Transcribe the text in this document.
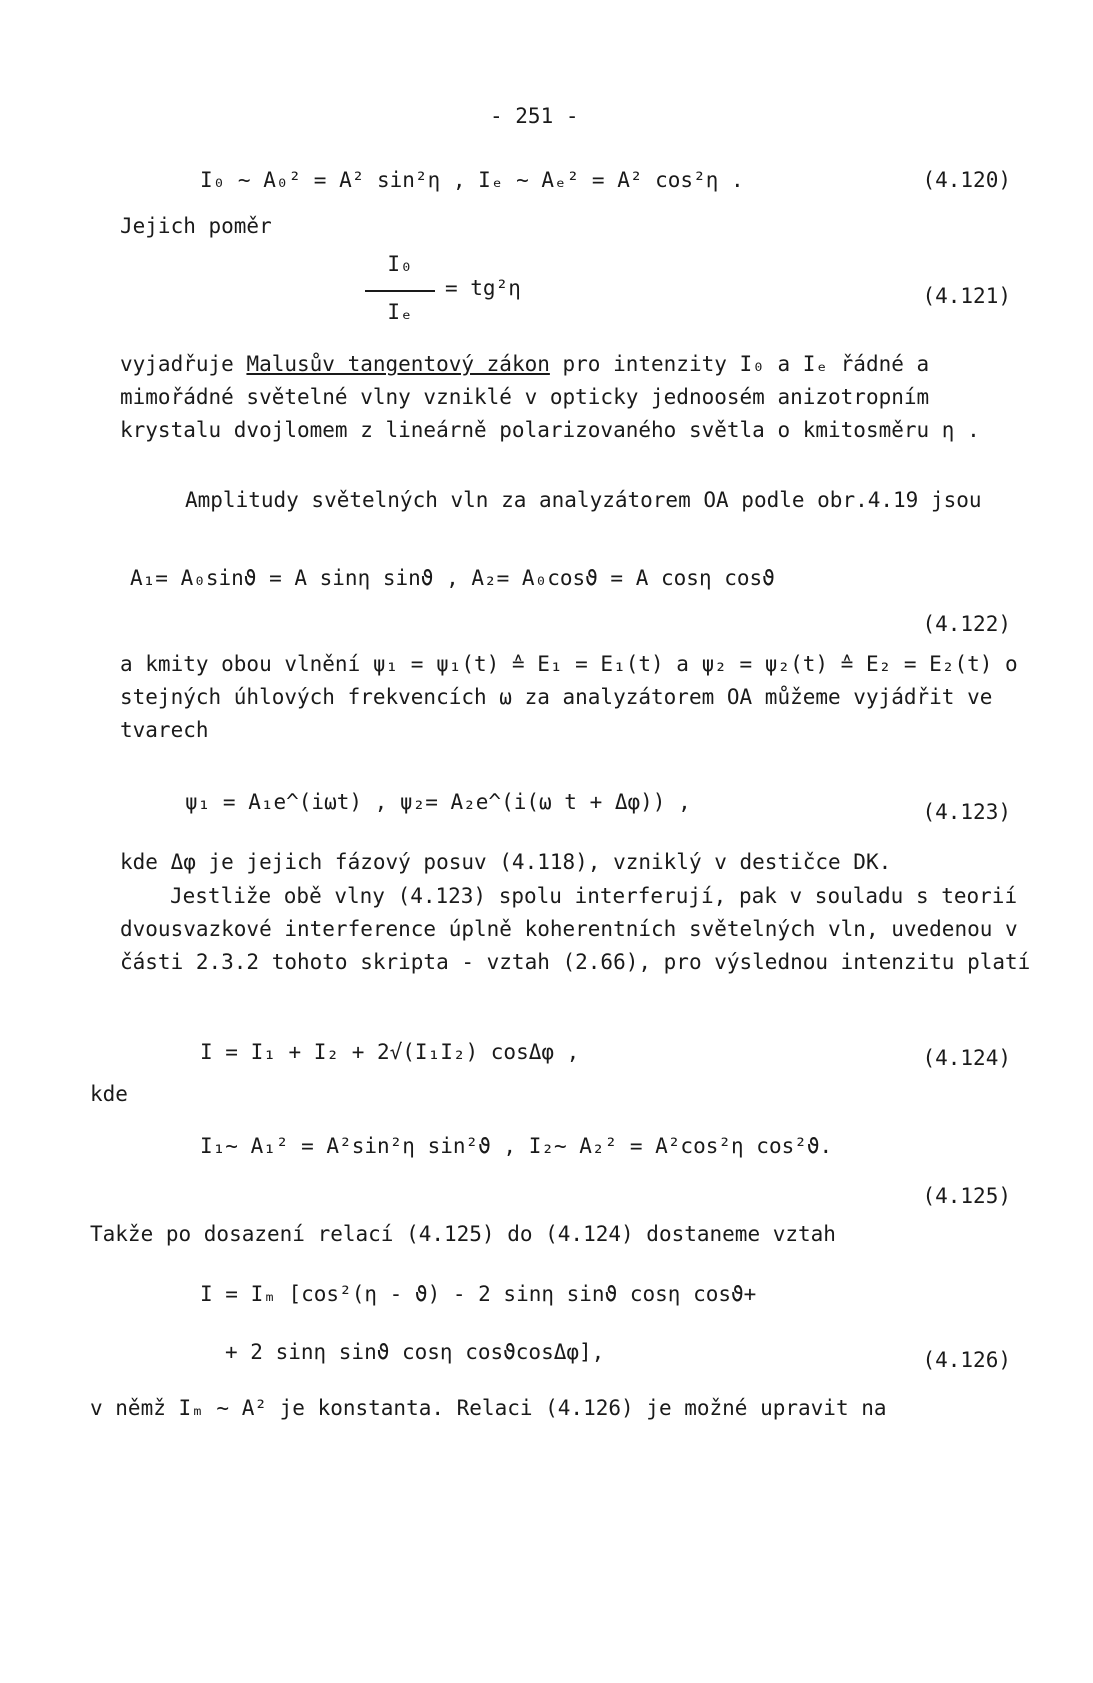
- 251 -
I₀ ~ A₀² = A² sin²η , Iₑ ~ Aₑ² = A² cos²η .	(4.120)
Jejich poměr
I₀
Iₑ
= tg²η	(4.121)
vyjadřuje Malusův tangentový zákon pro intenzity I₀ a Iₑ řádné a mimořádné světelné vlny vzniklé v opticky jednoosém anizotropním krystalu dvojlomem z lineárně polarizovaného světla o kmitosměru η .
Amplitudy světelných vln za analyzátorem OA podle obr.4.19 jsou
A₁= A₀sinϑ = A sinη sinϑ , A₂= A₀cosϑ = A cosη cosϑ
(4.122)
a kmity obou vlnění ψ₁ = ψ₁(t) ≙ E₁ = E₁(t) a ψ₂ = ψ₂(t) ≙ E₂ = E₂(t) o stejných úhlových frekvencích ω za analyzátorem OA můžeme vyjádřit ve tvarech
ψ₁ = A₁e^(iωt) , ψ₂= A₂e^(i(ω t + Δφ)) ,	(4.123)
kde Δφ je jejich fázový posuv (4.118), vzniklý v destičce DK.
Jestliže obě vlny (4.123) spolu interferují, pak v souladu s teorií dvousvazkové interference úplně koherentních světelných vln, uvedenou v části 2.3.2 tohoto skripta - vztah (2.66), pro výslednou intenzitu platí
I = I₁ + I₂ + 2√(I₁I₂) cosΔφ ,	(4.124)
kde
I₁~ A₁² = A²sin²η sin²ϑ , I₂~ A₂² = A²cos²η cos²ϑ.
(4.125)
Takže po dosazení relací (4.125) do (4.124) dostaneme vztah
I = Iₘ [cos²(η - ϑ) - 2 sinη sinϑ cosη cosϑ+
+ 2 sinη sinϑ cosη cosϑcosΔφ],	(4.126)
v němž Iₘ ~ A² je konstanta. Relaci (4.126) je možné upravit na
